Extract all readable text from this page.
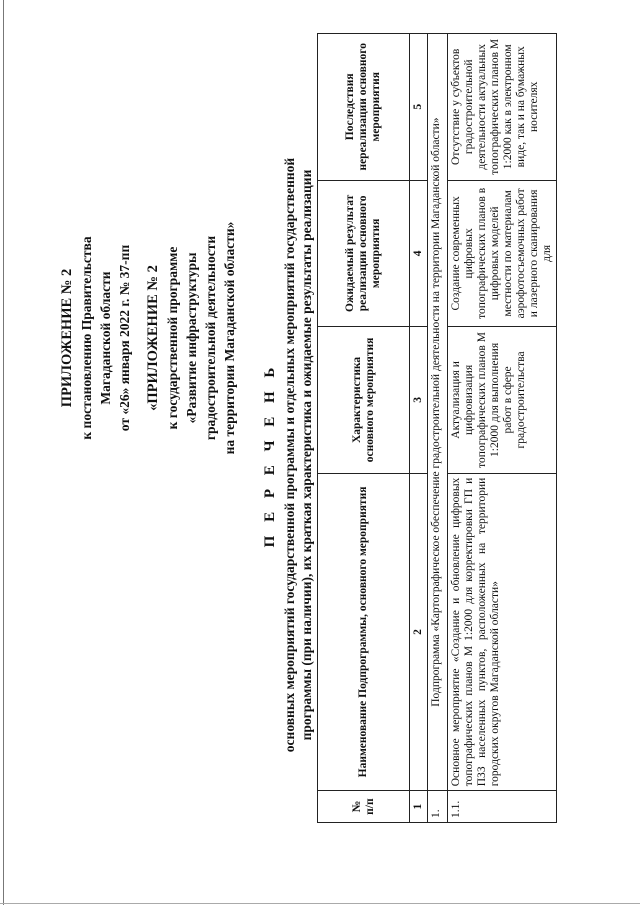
ПРИЛОЖЕНИЕ № 2 к постановлению Правительства Магаданской области от «26» января 2022 г. № 37-пп «ПРИЛОЖЕНИЕ № 2 к государственной программе «Развитие инфраструктуры градостроительной деятельности на территории Магаданской области»
П Е Р Е Ч Е Н Ь основных мероприятий государственной программы и отдельных мероприятий государственной программы (при наличии), их краткая характеристика и ожидаемые результаты реализации
№ п/п	Наименование Подпрограммы, основного мероприятия	Характеристика основного мероприятия	Ожидаемый результат реализации основного мероприятия	Последствия нереализации основного мероприятия
1	2	3	4	5
1.	Подпрограмма «Картографическое обеспечение градостроительной деятельности на территории Магаданской области»			
1.1.	Основное мероприятие «Создание и обновление цифровых топографических планов М 1:2000 для корректировки ГП и ПЗЗ населенных пунктов, расположенных на территории городских округов Магаданской области»	Актуализация и цифровизация топографических планов М 1:2000 для выполнения работ в сфере градостроительства	Создание современных цифровых топографических планов в цифровых моделей местности по материалам аэрофотосъемочных работ и лазерного сканирования для	Отсутствие у субъектов градостроительной деятельности актуальных топографических планов М 1:2000 как в электронном виде, так и на бумажных носителях
